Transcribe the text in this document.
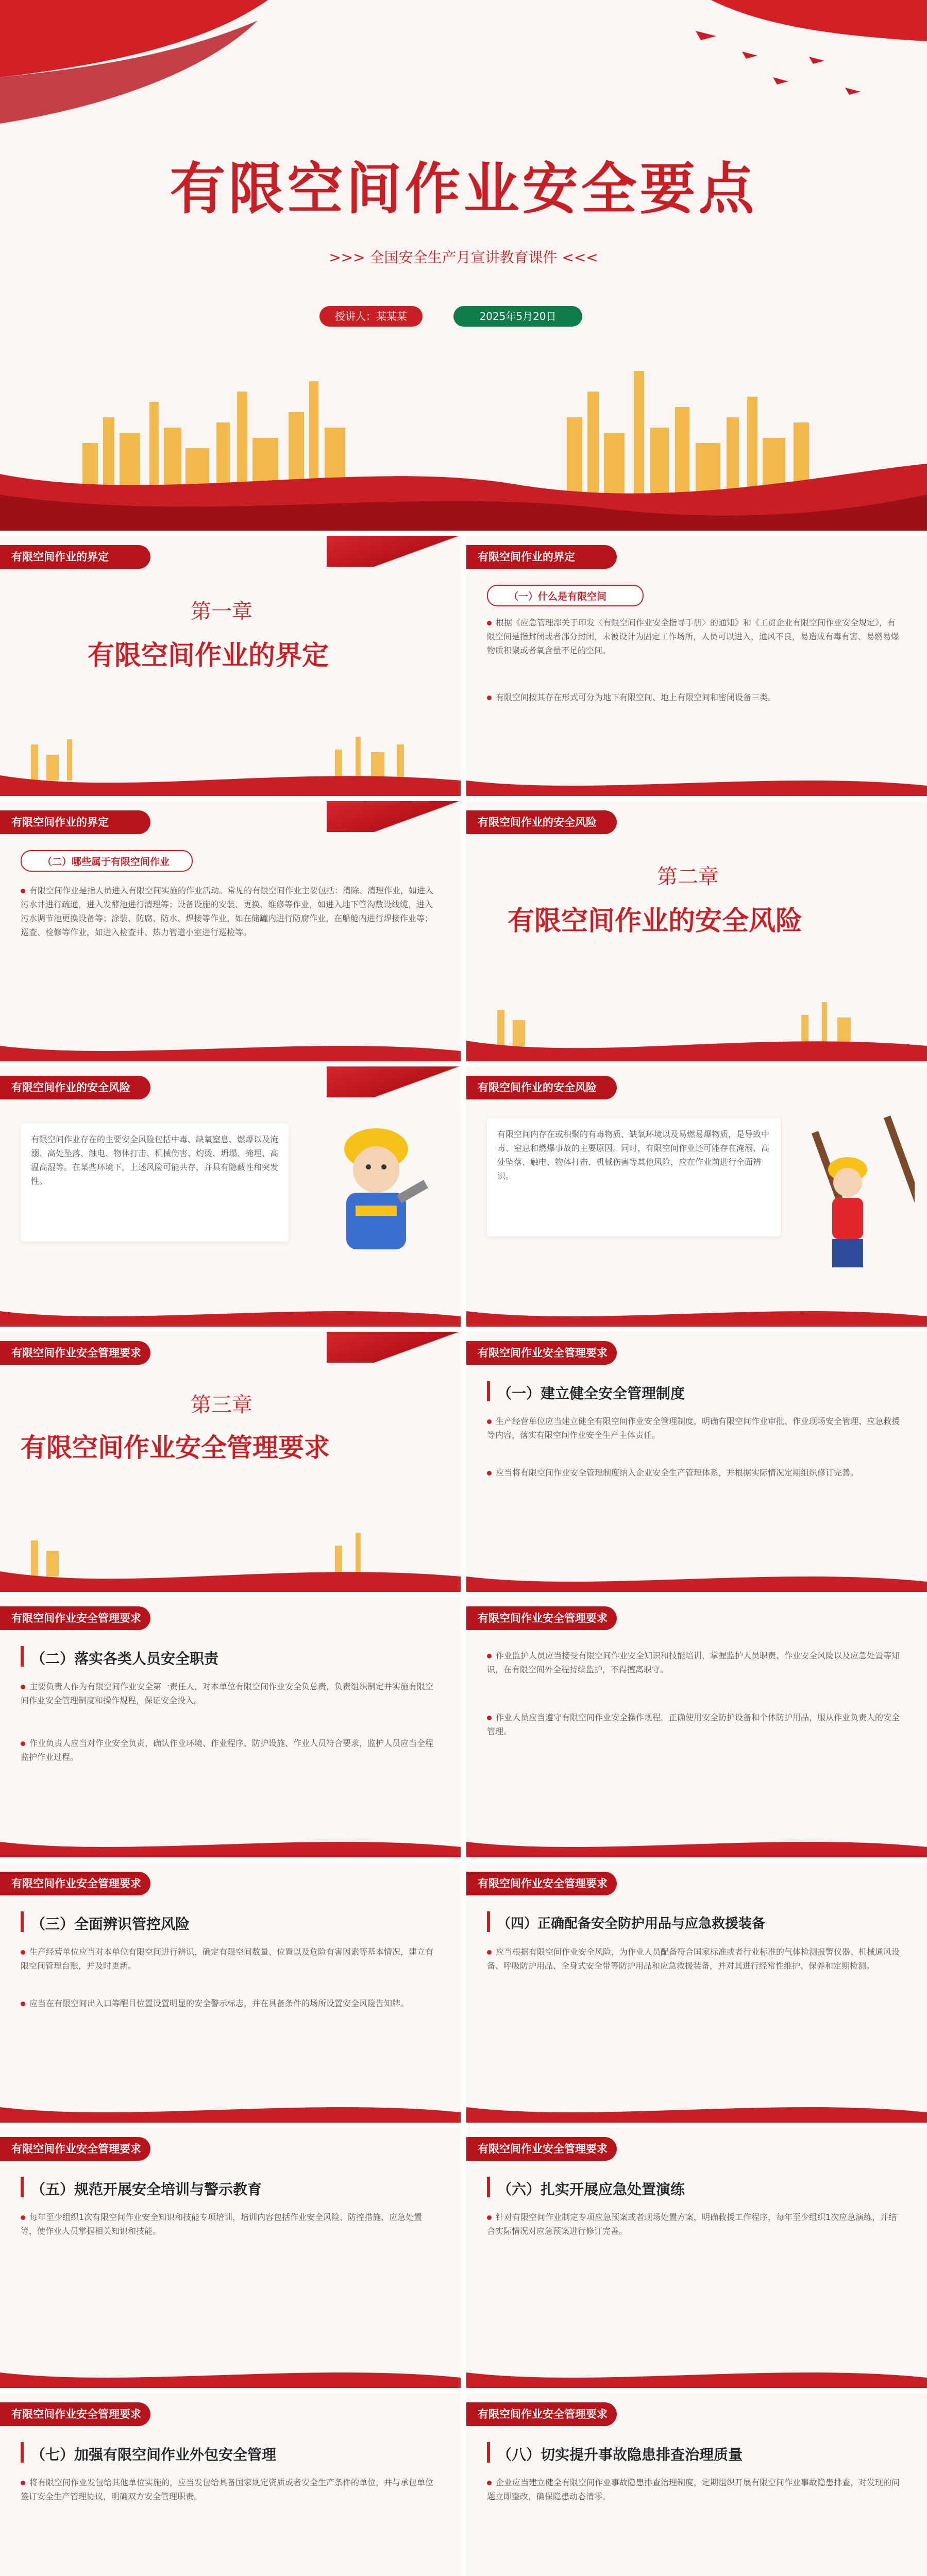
有限空间作业安全要点
>>> 全国安全生产月宣讲教育课件 <<<
授讲人：某某某	2025年5月20日
有限空间作业的界定
第一章
有限空间作业的界定
有限空间作业的界定
（一）什么是有限空间
根据《应急管理部关于印发〈有限空间作业安全指导手册〉的通知》和《工贸企业有限空间作业安全规定》，有限空间是指封闭或者部分封闭，未被设计为固定工作场所，人员可以进入，通风不良，易造成有毒有害、易燃易爆物质积聚或者氧含量不足的空间。
有限空间按其存在形式可分为地下有限空间、地上有限空间和密闭设备三类。
有限空间作业的界定
（二）哪些属于有限空间作业
有限空间作业是指人员进入有限空间实施的作业活动。常见的有限空间作业主要包括：清除、清理作业，如进入污水井进行疏通，进入发酵池进行清理等；设备设施的安装、更换、维修等作业，如进入地下管沟敷设线缆，进入污水调节池更换设备等；涂装、防腐、防水、焊接等作业，如在储罐内进行防腐作业，在船舱内进行焊接作业等；巡查、检修等作业，如进入检查井、热力管道小室进行巡检等。
有限空间作业的安全风险
第二章
有限空间作业的安全风险
有限空间作业的安全风险
有限空间作业存在的主要安全风险包括中毒、缺氧窒息、燃爆以及淹溺、高处坠落、触电、物体打击、机械伤害、灼烫、坍塌、掩埋、高温高湿等。在某些环境下，上述风险可能共存，并具有隐蔽性和突发性。
有限空间作业的安全风险
有限空间内存在或积聚的有毒物质、缺氧环境以及易燃易爆物质，是导致中毒、窒息和燃爆事故的主要原因。同时，有限空间作业还可能存在淹溺、高处坠落、触电、物体打击、机械伤害等其他风险，应在作业前进行全面辨识。
有限空间作业安全管理要求
第三章
有限空间作业安全管理要求
有限空间作业安全管理要求
（一）建立健全安全管理制度
生产经营单位应当建立健全有限空间作业安全管理制度，明确有限空间作业审批、作业现场安全管理、应急救援等内容，落实有限空间作业安全生产主体责任。
应当将有限空间作业安全管理制度纳入企业安全生产管理体系，并根据实际情况定期组织修订完善。
有限空间作业安全管理要求
（二）落实各类人员安全职责
主要负责人作为有限空间作业安全第一责任人，对本单位有限空间作业安全负总责，负责组织制定并实施有限空间作业安全管理制度和操作规程，保证安全投入。
作业负责人应当对作业安全负责，确认作业环境、作业程序、防护设施、作业人员符合要求，监护人员应当全程监护作业过程。
有限空间作业安全管理要求
作业监护人员应当接受有限空间作业安全知识和技能培训，掌握监护人员职责、作业安全风险以及应急处置等知识，在有限空间外全程持续监护，不得擅离职守。
作业人员应当遵守有限空间作业安全操作规程，正确使用安全防护设备和个体防护用品，服从作业负责人的安全管理。
有限空间作业安全管理要求
（三）全面辨识管控风险
生产经营单位应当对本单位有限空间进行辨识，确定有限空间数量、位置以及危险有害因素等基本情况，建立有限空间管理台账，并及时更新。
应当在有限空间出入口等醒目位置设置明显的安全警示标志，并在具备条件的场所设置安全风险告知牌。
有限空间作业安全管理要求
（四）正确配备安全防护用品与应急救援装备
应当根据有限空间作业安全风险，为作业人员配备符合国家标准或者行业标准的气体检测报警仪器、机械通风设备、呼吸防护用品、全身式安全带等防护用品和应急救援装备，并对其进行经常性维护、保养和定期检测。
有限空间作业安全管理要求
（五）规范开展安全培训与警示教育
每年至少组织1次有限空间作业安全知识和技能专项培训，培训内容包括作业安全风险、防控措施、应急处置等，使作业人员掌握相关知识和技能。
有限空间作业安全管理要求
（六）扎实开展应急处置演练
针对有限空间作业制定专项应急预案或者现场处置方案，明确救援工作程序，每年至少组织1次应急演练，并结合实际情况对应急预案进行修订完善。
有限空间作业安全管理要求
（七）加强有限空间作业外包安全管理
将有限空间作业发包给其他单位实施的，应当发包给具备国家规定资质或者安全生产条件的单位，并与承包单位签订安全生产管理协议，明确双方安全管理职责。
有限空间作业安全管理要求
（八）切实提升事故隐患排查治理质量
企业应当建立健全有限空间作业事故隐患排查治理制度，定期组织开展有限空间作业事故隐患排查，对发现的问题立即整改，确保隐患动态清零。
